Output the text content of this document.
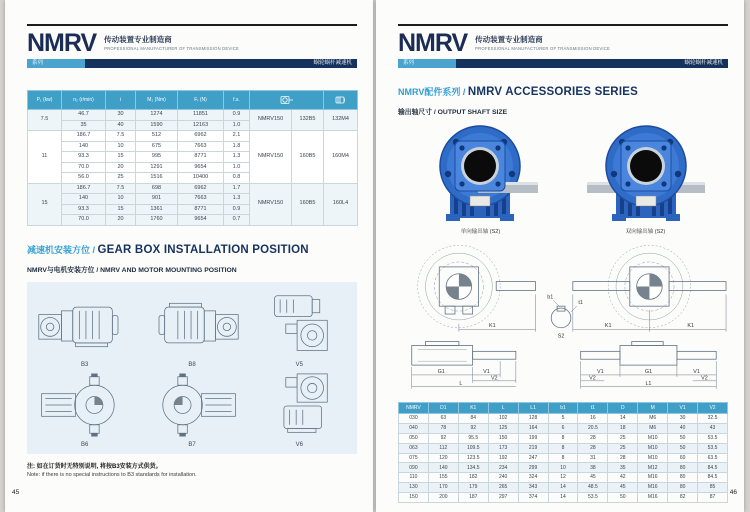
NMRV 传动装置专业制造商
PROFESSIONAL MANUFACTURER OF TRANSMISSION DEVICE
系列	蜗轮蜗杆减速机
P₁ (kw)	n₂ (r/min)	i	M₂ (Nm)	Fᵣ (N)	f.s.	

7.5	46.7	30	1274	11851	0.9	NMRV150	132B5	132M4
	35	40	1590	12163	1.0			
11	186.7	7.5	512	6962	2.1	NMRV150	160B5	160M4
	140	10	675	7663	1.8			
	93.3	15	995	8771	1.3			
	70.0	20	1291	9654	1.0			
	56.0	25	1516	10400	0.8			
15	186.7	7.5	698	6962	1.7	NMRV150	160B5	160L4
	140	10	901	7663	1.3			
	93.3	15	1361	8771	0.9			
	70.0	20	1760	9654	0.7			
减速机安装方位 / GEAR BOX INSTALLATION POSITION
NMRV与电机安装方位 / NMRV AND MOTOR MOUNTING POSITION
B3	B8	V5
B6	B7	V6
注: 如在订货时无特别说明, 将按B3安装方式供货。
Note: if there is no special instructions to B3 standards for installation.
45
NMRV 传动装置专业制造商
PROFESSIONAL MANUFACTURER OF TRANSMISSION DEVICE
系列	蜗轮蜗杆减速机
NMRV配件系列 / NMRV ACCESSORIES SERIES
输出轴尺寸 / OUTPUT SHAFT SIZE
单向输出轴 (S2)	双向输出轴 (S2)
K1
b1
t1
S2
K1	K1
G1	V1
V2
L
V1	G1	V1
V2	V2
L1
NMRV	D1	K1	L	L1	b1	t1	D	M	V1	V2
030	63	84	102	128	5	16	14	M6	30	32.5
040	78	92	125	164	6	20.5	18	M6	40	43
050	92	95.5	150	199	8	28	25	M10	50	53.5
063	112	109.5	173	219	8	28	25	M10	50	53.5
075	120	123.5	192	247	8	31	28	M10	60	63.5
090	140	134.5	234	299	10	38	35	M12	80	84.5
110	155	182	240	324	12	45	42	M16	80	84.5
130	170	179	265	343	14	48.5	45	M16	80	85
150	200	187	297	374	14	53.5	50	M16	82	87
46
